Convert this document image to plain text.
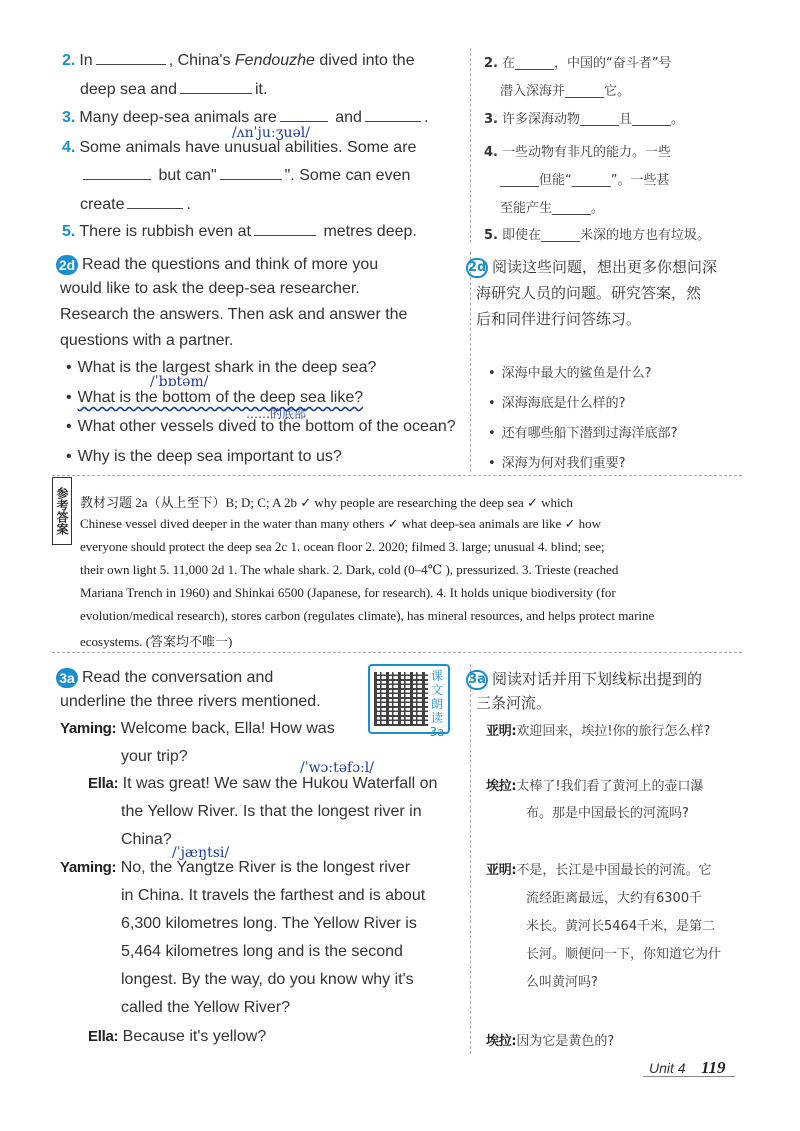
2. In	, China's Fendouzhe dived into the
deep sea and	it.
3. Many deep-sea animals are	and	.
/ʌnˈjuːʒuəl/
4. Some animals have unusual abilities. Some are
but can"	". Some can even
create	.
5. There is rubbish even at	metres deep.
2. 在______，中国的“奋斗者”号
潜入深海并______它。
3. 许多深海动物______且______。
4. 一些动物有非凡的能力。一些
______但能“______”。一些甚
至能产生______。
5. 即使在______米深的地方也有垃圾。
2d Read the questions and think of more you
would like to ask the deep-sea researcher.
Research the answers. Then ask and answer the
questions with a partner.
• What is the largest shark in the deep sea?
/ˈbɒtəm/
• What is the bottom of the deep sea like?
……的底部
• What other vessels dived to the bottom of the ocean?
• Why is the deep sea important to us?
2d 阅读这些问题，想出更多你想问深
海研究人员的问题。研究答案，然
后和同伴进行问答练习。
• 深海中最大的鲨鱼是什么?
• 深海海底是什么样的?
• 还有哪些船下潜到过海洋底部?
• 深海为何对我们重要?
参考答案 教材习题 2a（从上至下）B; D; C; A 2b ✓ why people are researching the deep sea ✓ which
Chinese vessel dived deeper in the water than many others ✓ what deep-sea animals are like ✓ how
everyone should protect the deep sea 2c 1. ocean floor 2. 2020; filmed 3. large; unusual 4. blind; see;
their own light 5. 11,000 2d 1. The whale shark. 2. Dark, cold (0–4℃ ), pressurized. 3. Trieste (reached
Mariana Trench in 1960) and Shinkai 6500 (Japanese, for research). 4. It holds unique biodiversity (for
evolution/medical research), stores carbon (regulates climate), has mineral resources, and helps protect marine
ecosystems. (答案均不唯一)
3a Read the conversation and
underline the three rivers mentioned.
课文朗读3a
3a 阅读对话并用下划线标出提到的
三条河流。
Yaming: Welcome back, Ella! How was
your trip?
/ˈwɔːtəfɔːl/
Ella: It was great! We saw the Hukou Waterfall on
the Yellow River. Is that the longest river in
China?
/ˈjæŋtsi/
Yaming: No, the Yangtze River is the longest river
in China. It travels the farthest and is about
6,300 kilometres long. The Yellow River is
5,464 kilometres long and is the second
longest. By the way, do you know why it's
called the Yellow River?
Ella: Because it's yellow?
亚明:欢迎回来，埃拉!你的旅行怎么样?
埃拉:太棒了!我们看了黄河上的壶口瀑
布。那是中国最长的河流吗?
亚明:不是，长江是中国最长的河流。它
流经距离最远，大约有6300千
米长。黄河长5464千米，是第二
长河。顺便问一下，你知道它为什
么叫黄河吗?
埃拉:因为它是黄色的?
Unit 4 119
